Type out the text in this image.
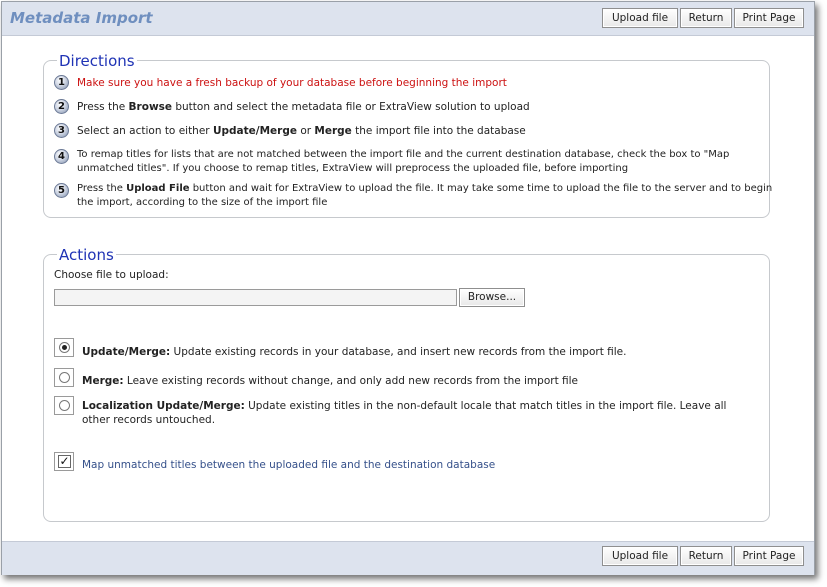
Metadata Import	Upload file	Return	Print Page
Directions
1	Make sure you have a fresh backup of your database before beginning the import
2	Press the Browse button and select the metadata file or ExtraView solution to upload
3	Select an action to either Update/Merge or Merge the import file into the database
4	To remap titles for lists that are not matched between the import file and the current destination database, check the box to "Map unmatched titles". If you choose to remap titles, ExtraView will preprocess the uploaded file, before importing
5	Press the Upload File button and wait for ExtraView to upload the file. It may take some time to upload the file to the server and to begin the import, according to the size of the import file
Actions
Choose file to upload:
Browse...
Update/Merge: Update existing records in your database, and insert new records from the import file.
Merge: Leave existing records without change, and only add new records from the import file
Localization Update/Merge: Update existing titles in the non-default locale that match titles in the import file. Leave all other records untouched.
✓ Map unmatched titles between the uploaded file and the destination database
Upload file	Return	Print Page
